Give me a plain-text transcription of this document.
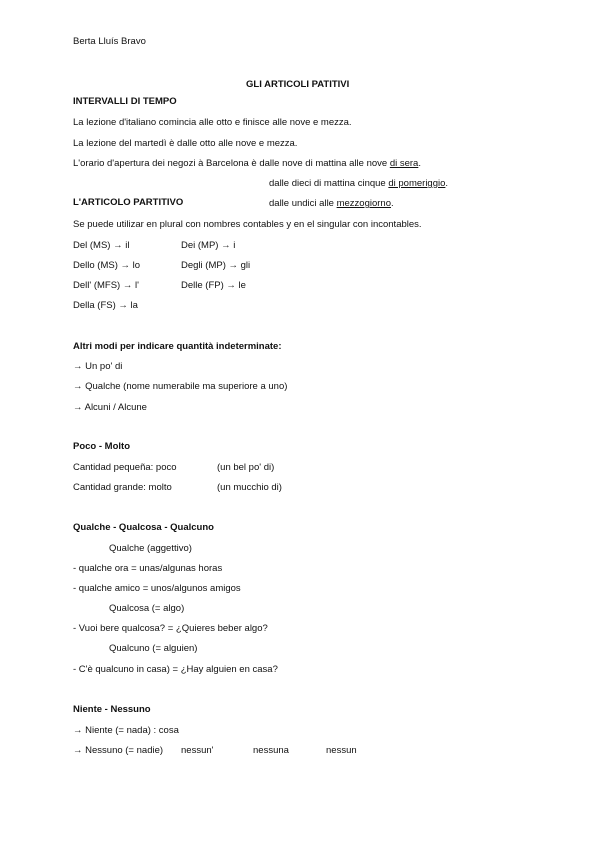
Berta Lluís Bravo
GLI ARTICOLI PATITIVI
INTERVALLI DI TEMPO
La lezione d'italiano comincia alle otto e finisce alle nove e mezza.
La lezione del martedì è dalle otto alle nove e mezza.
L'orario d'apertura dei negozi à Barcelona è dalle nove di mattina alle nove di sera.
dalle dieci di mattina cinque di pomeriggio.
dalle undici alle mezzogiorno.
L'ARTICOLO PARTITIVO
Se puede utilizar en plural con nombres contables y en el singular con incontables.
Del (MS) → il	Dei (MP) → i
Dello (MS) → lo	Degli (MP) → gli
Dell' (MFS) → l'	Delle (FP) → le
Della (FS) → la
Altri modi per indicare quantità indeterminate:
→ Un po' di
→ Qualche (nome numerabile ma superiore a uno)
→ Alcuni / Alcune
Poco - Molto
Cantidad pequeña: poco	(un bel po' di)
Cantidad grande: molto	(un mucchio di)
Qualche - Qualcosa - Qualcuno
Qualche (aggettivo)
- qualche ora = unas/algunas horas
- qualche amico = unos/algunos amigos
Qualcosa (= algo)
- Vuoi bere qualcosa? = ¿Quieres beber algo?
Qualcuno (= alguien)
- C'è qualcuno in casa) = ¿Hay alguien en casa?
Niente - Nessuno
→ Niente (= nada) : cosa
→ Nessuno (= nadie) nessun'	nessuna	nessun
